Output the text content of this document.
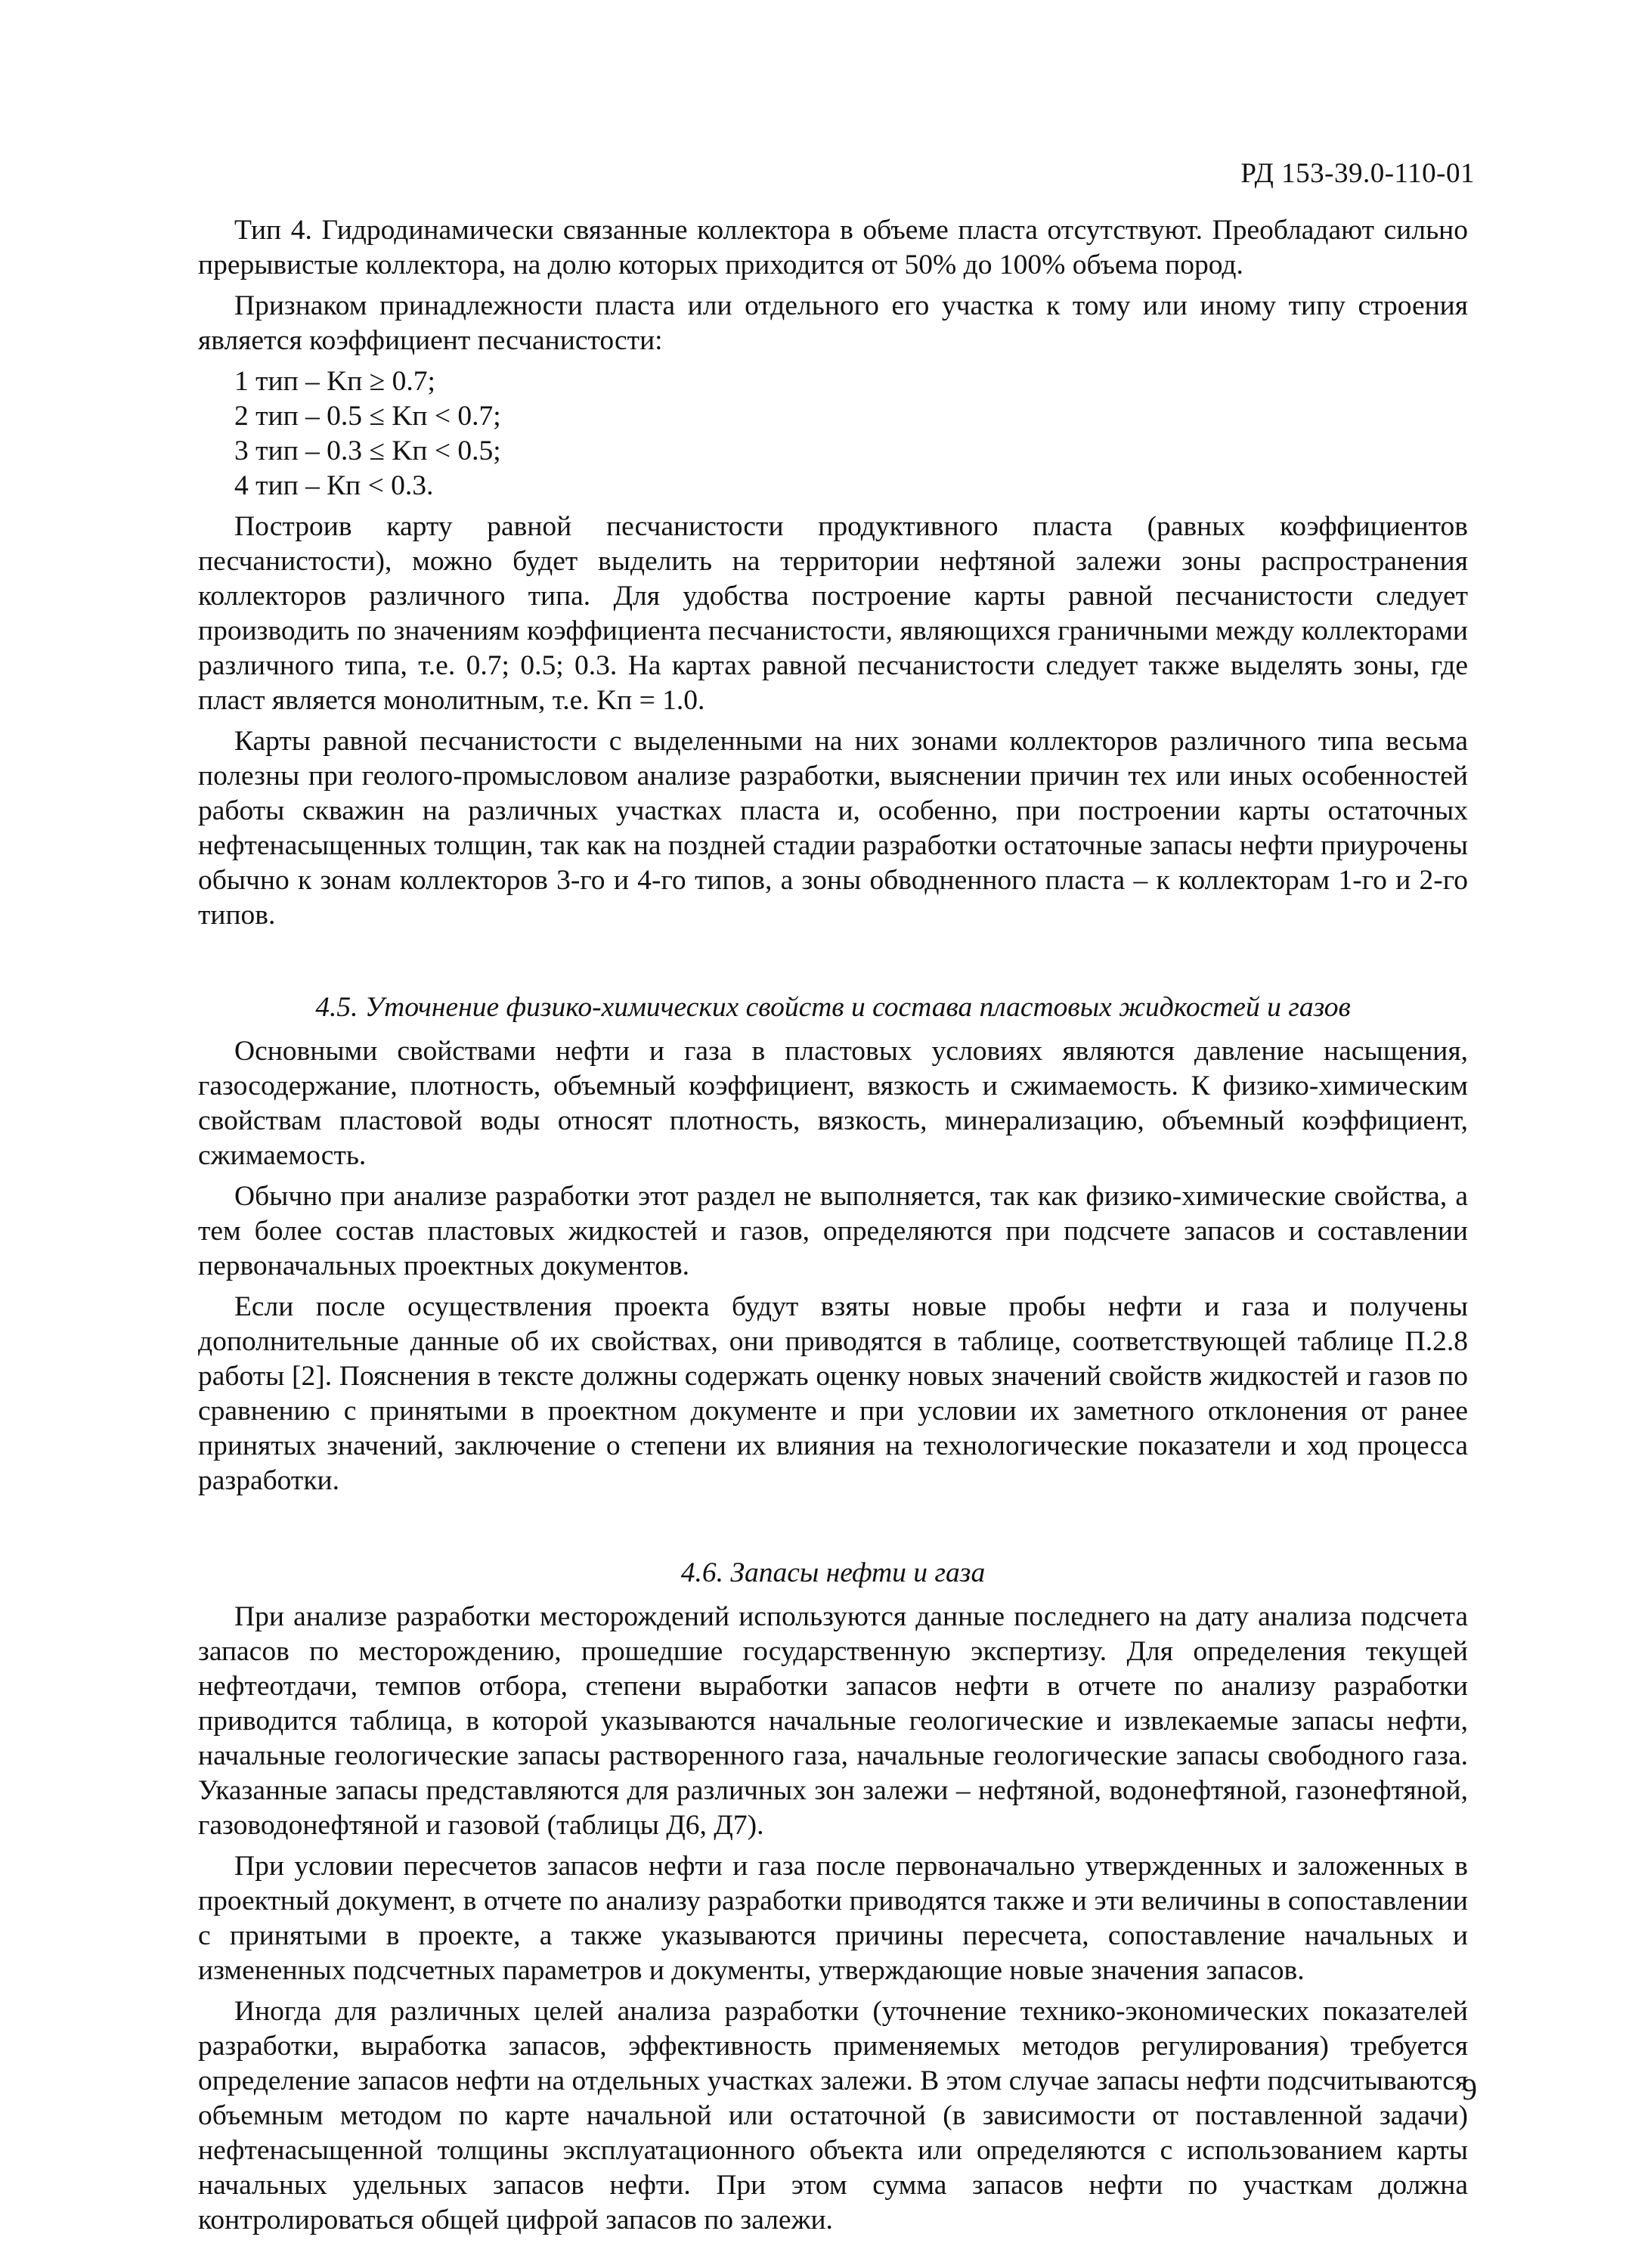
РД 153-39.0-110-01

Тип 4. Гидродинамически связанные коллектора в объеме пласта отсутствуют. Преобладают сильно прерывистые коллектора, на долю которых приходится от 50% до 100% объема пород.

Признаком принадлежности пласта или отдельного его участка к тому или иному типу строения является коэффициент песчанистости:

1 тип – Kп ≥ 0.7;

2 тип – 0.5 ≤ Kп < 0.7;

3 тип – 0.3 ≤ Kп < 0.5;

4 тип – Кп < 0.3.

Построив карту равной песчанистости продуктивного пласта (равных коэффициентов песчанистости), можно будет выделить на территории нефтяной залежи зоны распространения коллекторов различного типа. Для удобства построение карты равной песчанистости следует производить по значениям коэффициента песчанистости, являющихся граничными между коллекторами различного типа, т.е. 0.7; 0.5; 0.3. На картах равной песчанистости следует также выделять зоны, где пласт является монолитным, т.е. Kп = 1.0.

Карты равной песчанистости с выделенными на них зонами коллекторов различного типа весьма полезны при геолого-промысловом анализе разработки, выяснении причин тех или иных особенностей работы скважин на различных участках пласта и, особенно, при построении карты остаточных нефтенасыщенных толщин, так как на поздней стадии разработки остаточные запасы нефти приурочены обычно к зонам коллекторов 3-го и 4-го типов, а зоны обводненного пласта – к коллекторам 1-го и 2-го типов.

4.5. Уточнение физико-химических свойств и состава пластовых жидкостей и газов

Основными свойствами нефти и газа в пластовых условиях являются давление насыщения, газосодержание, плотность, объемный коэффициент, вязкость и сжимаемость. К физико-химическим свойствам пластовой воды относят плотность, вязкость, минерализацию, объемный коэффициент, сжимаемость.

Обычно при анализе разработки этот раздел не выполняется, так как физико-химические свойства, а тем более состав пластовых жидкостей и газов, определяются при подсчете запасов и составлении первоначальных проектных документов.

Если после осуществления проекта будут взяты новые пробы нефти и газа и получены дополнительные данные об их свойствах, они приводятся в таблице, соответствующей таблице П.2.8 работы [2]. Пояснения в тексте должны содержать оценку новых значений свойств жидкостей и газов по сравнению с принятыми в проектном документе и при условии их заметного отклонения от ранее принятых значений, заключение о степени их влияния на технологические показатели и ход процесса разработки.

4.6. Запасы нефти и газа

При анализе разработки месторождений используются данные последнего на дату анализа подсчета запасов по месторождению, прошедшие государственную экспертизу. Для определения текущей нефтеотдачи, темпов отбора, степени выработки запасов нефти в отчете по анализу разработки приводится таблица, в которой указываются начальные геологические и извлекаемые запасы нефти, начальные геологические запасы растворенного газа, начальные геологические запасы свободного газа. Указанные запасы представляются для различных зон залежи – нефтяной, водонефтяной, газонефтяной, газоводонефтяной и газовой (таблицы Д6, Д7).

При условии пересчетов запасов нефти и газа после первоначально утвержденных и заложенных в проектный документ, в отчете по анализу разработки приводятся также и эти величины в сопоставлении с принятыми в проекте, а также указываются причины пересчета, сопоставление начальных и измененных подсчетных параметров и документы, утверждающие новые значения запасов.

Иногда для различных целей анализа разработки (уточнение технико-экономических показателей разработки, выработка запасов, эффективность применяемых методов регулирования) требуется определение запасов нефти на отдельных участках залежи. В этом случае запасы нефти подсчитываются объемным методом по карте начальной или остаточной (в зависимости от поставленной задачи) нефтенасыщенной толщины эксплуатационного объекта или определяются с использованием карты начальных удельных запасов нефти. При этом сумма запасов нефти по участкам должна контролироваться общей цифрой запасов по залежи.

9
